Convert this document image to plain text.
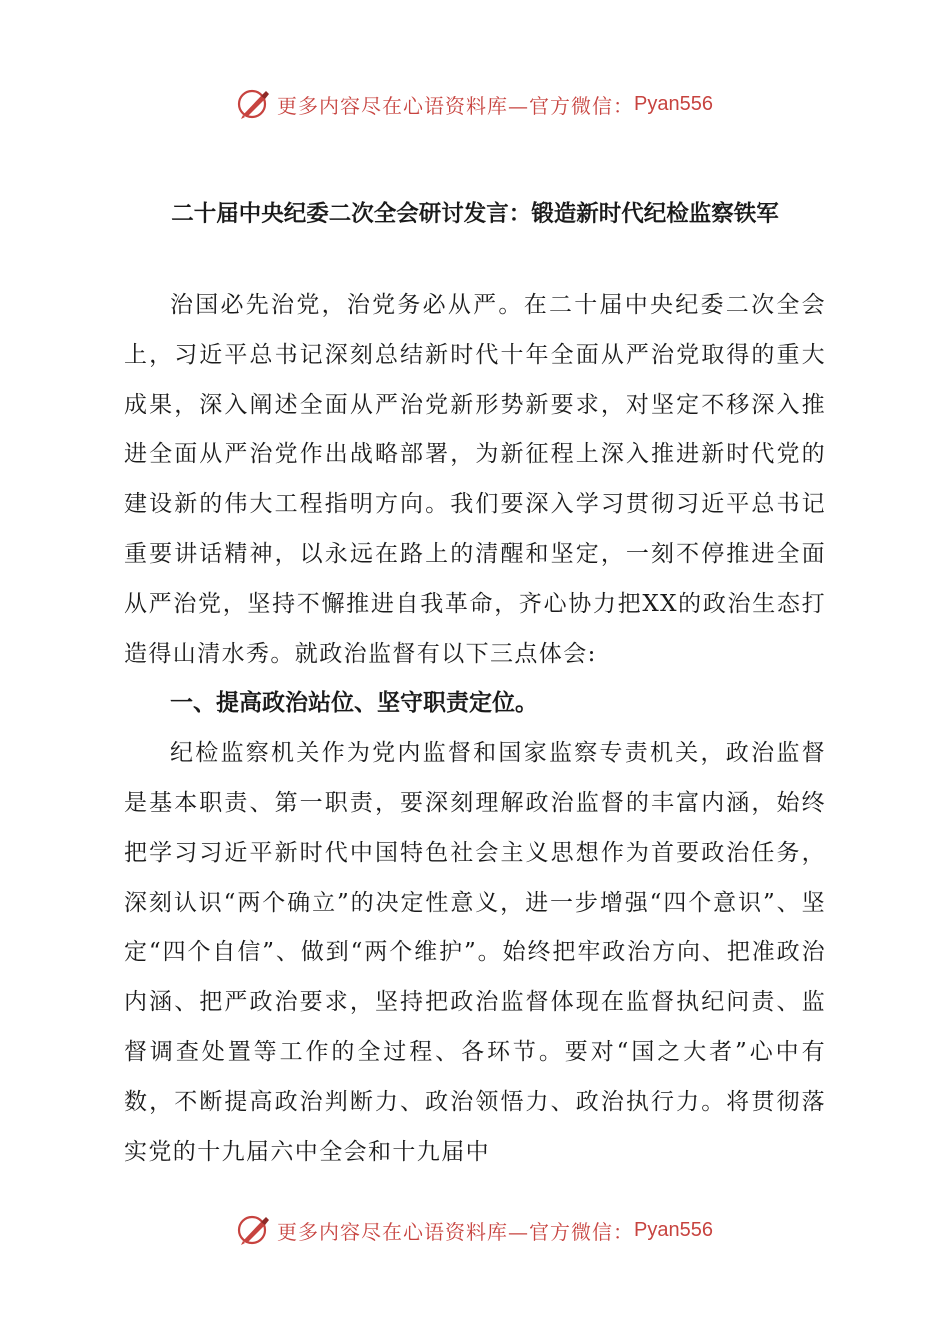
更多内容尽在心语资料库—官方微信： Pyan556
二十届中央纪委二次全会研讨发言：锻造新时代纪检监察铁军

治国必先治党，治党务必从严。在二十届中央纪委二次全会上，习近平总书记深刻总结新时代十年全面从严治党取得的重大成果，深入阐述全面从严治党新形势新要求，对坚定不移深入推进全面从严治党作出战略部署，为新征程上深入推进新时代党的建设新的伟大工程指明方向。我们要深入学习贯彻习近平总书记重要讲话精神，以永远在路上的清醒和坚定，一刻不停推进全面从严治党，坚持不懈推进自我革命，齐心协力把XX的政治生态打造得山清水秀。就政治监督有以下三点体会:

一、提高政治站位、坚守职责定位。

纪检监察机关作为党内监督和国家监察专责机关，政治监督是基本职责、第一职责，要深刻理解政治监督的丰富内涵，始终把学习习近平新时代中国特色社会主义思想作为首要政治任务，深刻认识“两个确立”的决定性意义，进一步增强“四个意识”、坚定“四个自信”、做到“两个维护”。始终把牢政治方向、把准政治内涵、把严政治要求，坚持把政治监督体现在监督执纪问责、监督调查处置等工作的全过程、各环节。要对“国之大者”心中有数，不断提高政治判断力、政治领悟力、政治执行力。将贯彻落实党的十九届六中全会和十九届中

更多内容尽在心语资料库—官方微信： Pyan556
